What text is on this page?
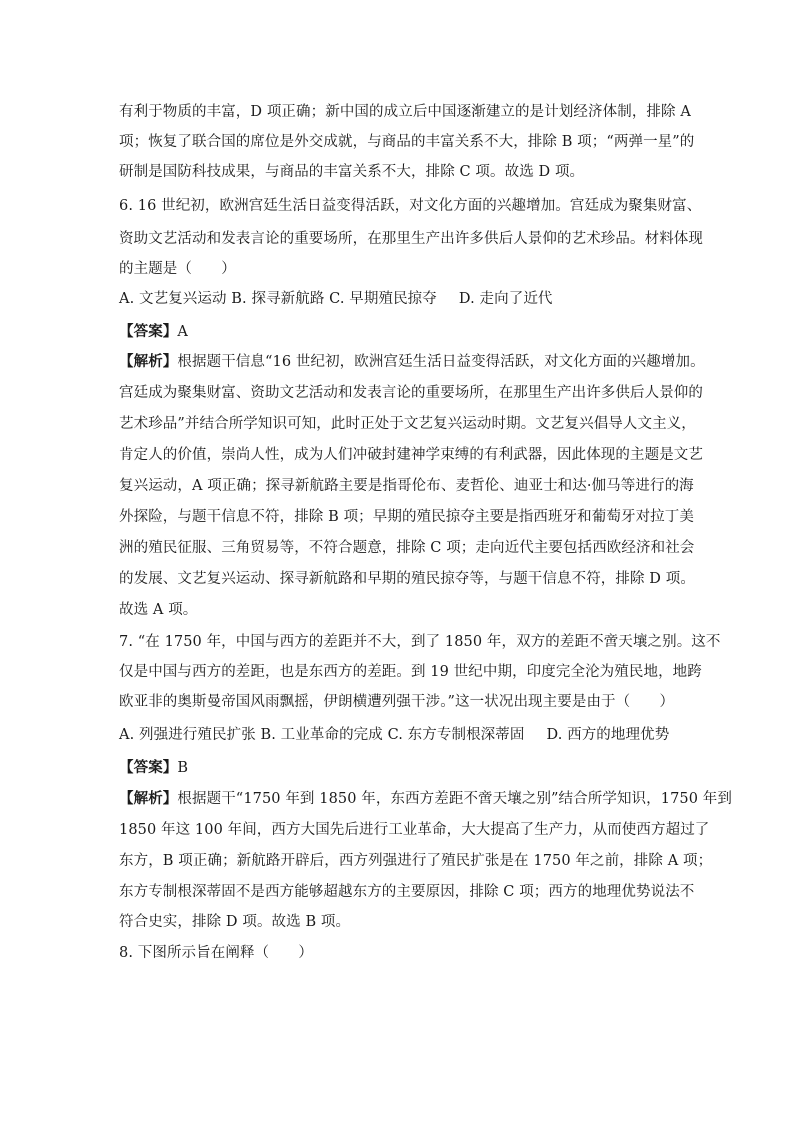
有利于物质的丰富，D 项正确；新中国的成立后中国逐渐建立的是计划经济体制，排除 A
项；恢复了联合国的席位是外交成就，与商品的丰富关系不大，排除 B 项；“两弹一星”的
研制是国防科技成果，与商品的丰富关系不大，排除 C 项。故选 D 项。
6. 16 世纪初，欧洲宫廷生活日益变得活跃，对文化方面的兴趣增加。宫廷成为聚集财富、
资助文艺活动和发表言论的重要场所，在那里生产出许多供后人景仰的艺术珍品。材料体现
的主题是（　　）
A. 文艺复兴运动 B. 探寻新航路 C. 早期殖民掠夺 D. 走向了近代
【答案】A
【解析】根据题干信息“16 世纪初，欧洲宫廷生活日益变得活跃，对文化方面的兴趣增加。
宫廷成为聚集财富、资助文艺活动和发表言论的重要场所，在那里生产出许多供后人景仰的
艺术珍品”并结合所学知识可知，此时正处于文艺复兴运动时期。文艺复兴倡导人文主义，
肯定人的价值，崇尚人性，成为人们冲破封建神学束缚的有利武器，因此体现的主题是文艺
复兴运动，A 项正确；探寻新航路主要是指哥伦布、麦哲伦、迪亚士和达·伽马等进行的海
外探险，与题干信息不符，排除 B 项；早期的殖民掠夺主要是指西班牙和葡萄牙对拉丁美
洲的殖民征服、三角贸易等，不符合题意，排除 C 项；走向近代主要包括西欧经济和社会
的发展、文艺复兴运动、探寻新航路和早期的殖民掠夺等，与题干信息不符，排除 D 项。
故选 A 项。
7. “在 1750 年，中国与西方的差距并不大，到了 1850 年，双方的差距不啻天壤之别。这不
仅是中国与西方的差距，也是东西方的差距。到 19 世纪中期，印度完全沦为殖民地，地跨
欧亚非的奥斯曼帝国风雨飘摇，伊朗横遭列强干涉。”这一状况出现主要是由于（　　）
A. 列强进行殖民扩张 B. 工业革命的完成 C. 东方专制根深蒂固 D. 西方的地理优势
【答案】B
【解析】根据题干“1750 年到 1850 年，东西方差距不啻天壤之别”结合所学知识，1750 年到
1850 年这 100 年间，西方大国先后进行工业革命，大大提高了生产力，从而使西方超过了
东方，B 项正确；新航路开辟后，西方列强进行了殖民扩张是在 1750 年之前，排除 A 项；
东方专制根深蒂固不是西方能够超越东方的主要原因，排除 C 项；西方的地理优势说法不
符合史实，排除 D 项。故选 B 项。
8. 下图所示旨在阐释（　　）
